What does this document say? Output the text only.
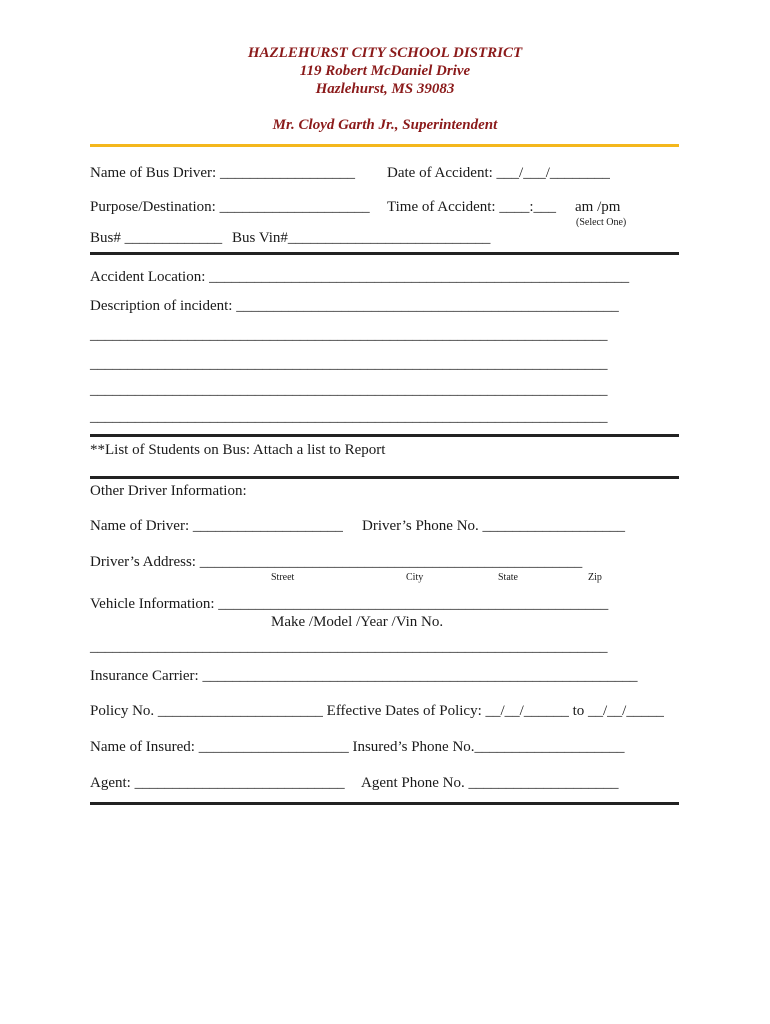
HAZLEHURST CITY SCHOOL DISTRICT
119 Robert McDaniel Drive
Hazlehurst, MS 39083
Mr. Cloyd Garth Jr., Superintendent
Name of Bus Driver: __________________ Date of Accident: ___/___/________
Purpose/Destination: ____________________ Time of Accident: ____:___ am /pm
(Select One)
Bus# _____________ Bus Vin#___________________________
Accident Location: ________________________________________________________
Description of incident: ___________________________________________________
_____________________________________________________________________
_____________________________________________________________________
_____________________________________________________________________
_____________________________________________________________________
**List of Students on Bus: Attach a list to Report
Other Driver Information:
Name of Driver: ____________________ Driver’s Phone No. ___________________
Driver’s Address: ___________________________________________________
Street	City	State	Zip
Vehicle Information: ____________________________________________________
Make /Model /Year /Vin No.
_____________________________________________________________________
Insurance Carrier: __________________________________________________________
Policy No. ______________________ Effective Dates of Policy: __/__/______ to __/__/_____
Name of Insured: ____________________ Insured’s Phone No.____________________
Agent: ____________________________ Agent Phone No. ____________________
